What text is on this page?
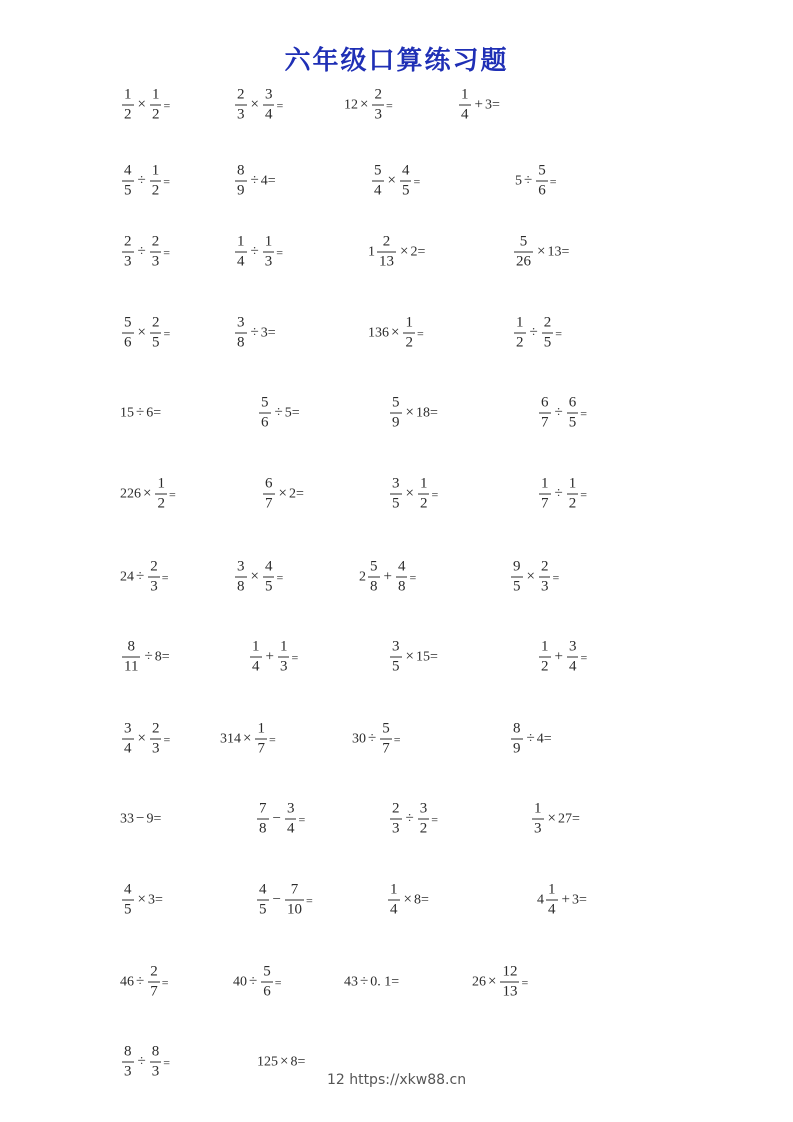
六年级口算练习题
$\frac{1}{2} \times \frac{1}{2}$ =	$\frac{2}{3} \times \frac{3}{4}$ =	$12 \times \frac{2}{3}$ =	$\frac{1}{4} + 3=$
$\frac{4}{5} \div \frac{1}{2}$ =	$\frac{8}{9} \div 4=$	$\frac{5}{4} \times \frac{4}{5}$ =	$5 \div \frac{5}{6}$ =
$\frac{2}{3} \div \frac{2}{3}$ =	$\frac{1}{4} \div \frac{1}{3}$ =	$1 \frac{2}{13} \times 2=$	$\frac{5}{26} \times 13=$
$\frac{5}{6} \times \frac{2}{5}$ =	$\frac{3}{8} \div 3=$	$136 \times \frac{1}{2}$ =	$\frac{1}{2} \div \frac{2}{5}$ =
15 ÷ 6=	$\frac{5}{6} \div 5=$	$\frac{5}{9} \times 18=$	$\frac{6}{7} \div \frac{6}{5}$ =
$226 \times \frac{1}{2}$ =	$\frac{6}{7} \times 2=$	$\frac{3}{5} \times \frac{1}{2}$ =	$\frac{1}{7} \div \frac{1}{2}$ =
$24 \div \frac{2}{3}$ =	$\frac{3}{8} \times \frac{4}{5}$ =	$2 \frac{5}{8} + \frac{4}{8}$ =	$\frac{9}{5} \times \frac{2}{3}$ =
$\frac{8}{11} \div 8=$	$\frac{1}{4} + \frac{1}{3}$ =	$\frac{3}{5} \times 15=$	$\frac{1}{2} + \frac{3}{4}$ =
$\frac{3}{4} \times \frac{2}{3}$ =	$314 \times \frac{1}{7}$ =	$30 \div \frac{5}{7}$ =	$\frac{8}{9} \div 4=$
33 − 9=	$\frac{7}{8} - \frac{3}{4}$ =	$\frac{2}{3} \div \frac{3}{2}$ =	$\frac{1}{3} \times 27=$
$\frac{4}{5} \times 3=$	$\frac{4}{5} - \frac{7}{10}$ =	$\frac{1}{4} \times 8=$	$4 \frac{1}{4} + 3=$
$46 \div \frac{2}{7}$ =	$40 \div \frac{5}{6}$ =	43 ÷ 0. 1=	$26 \times \frac{12}{13}$ =
$\frac{8}{3} \div \frac{8}{3}$ =	125 × 8=
12 https://xkw88.cn
